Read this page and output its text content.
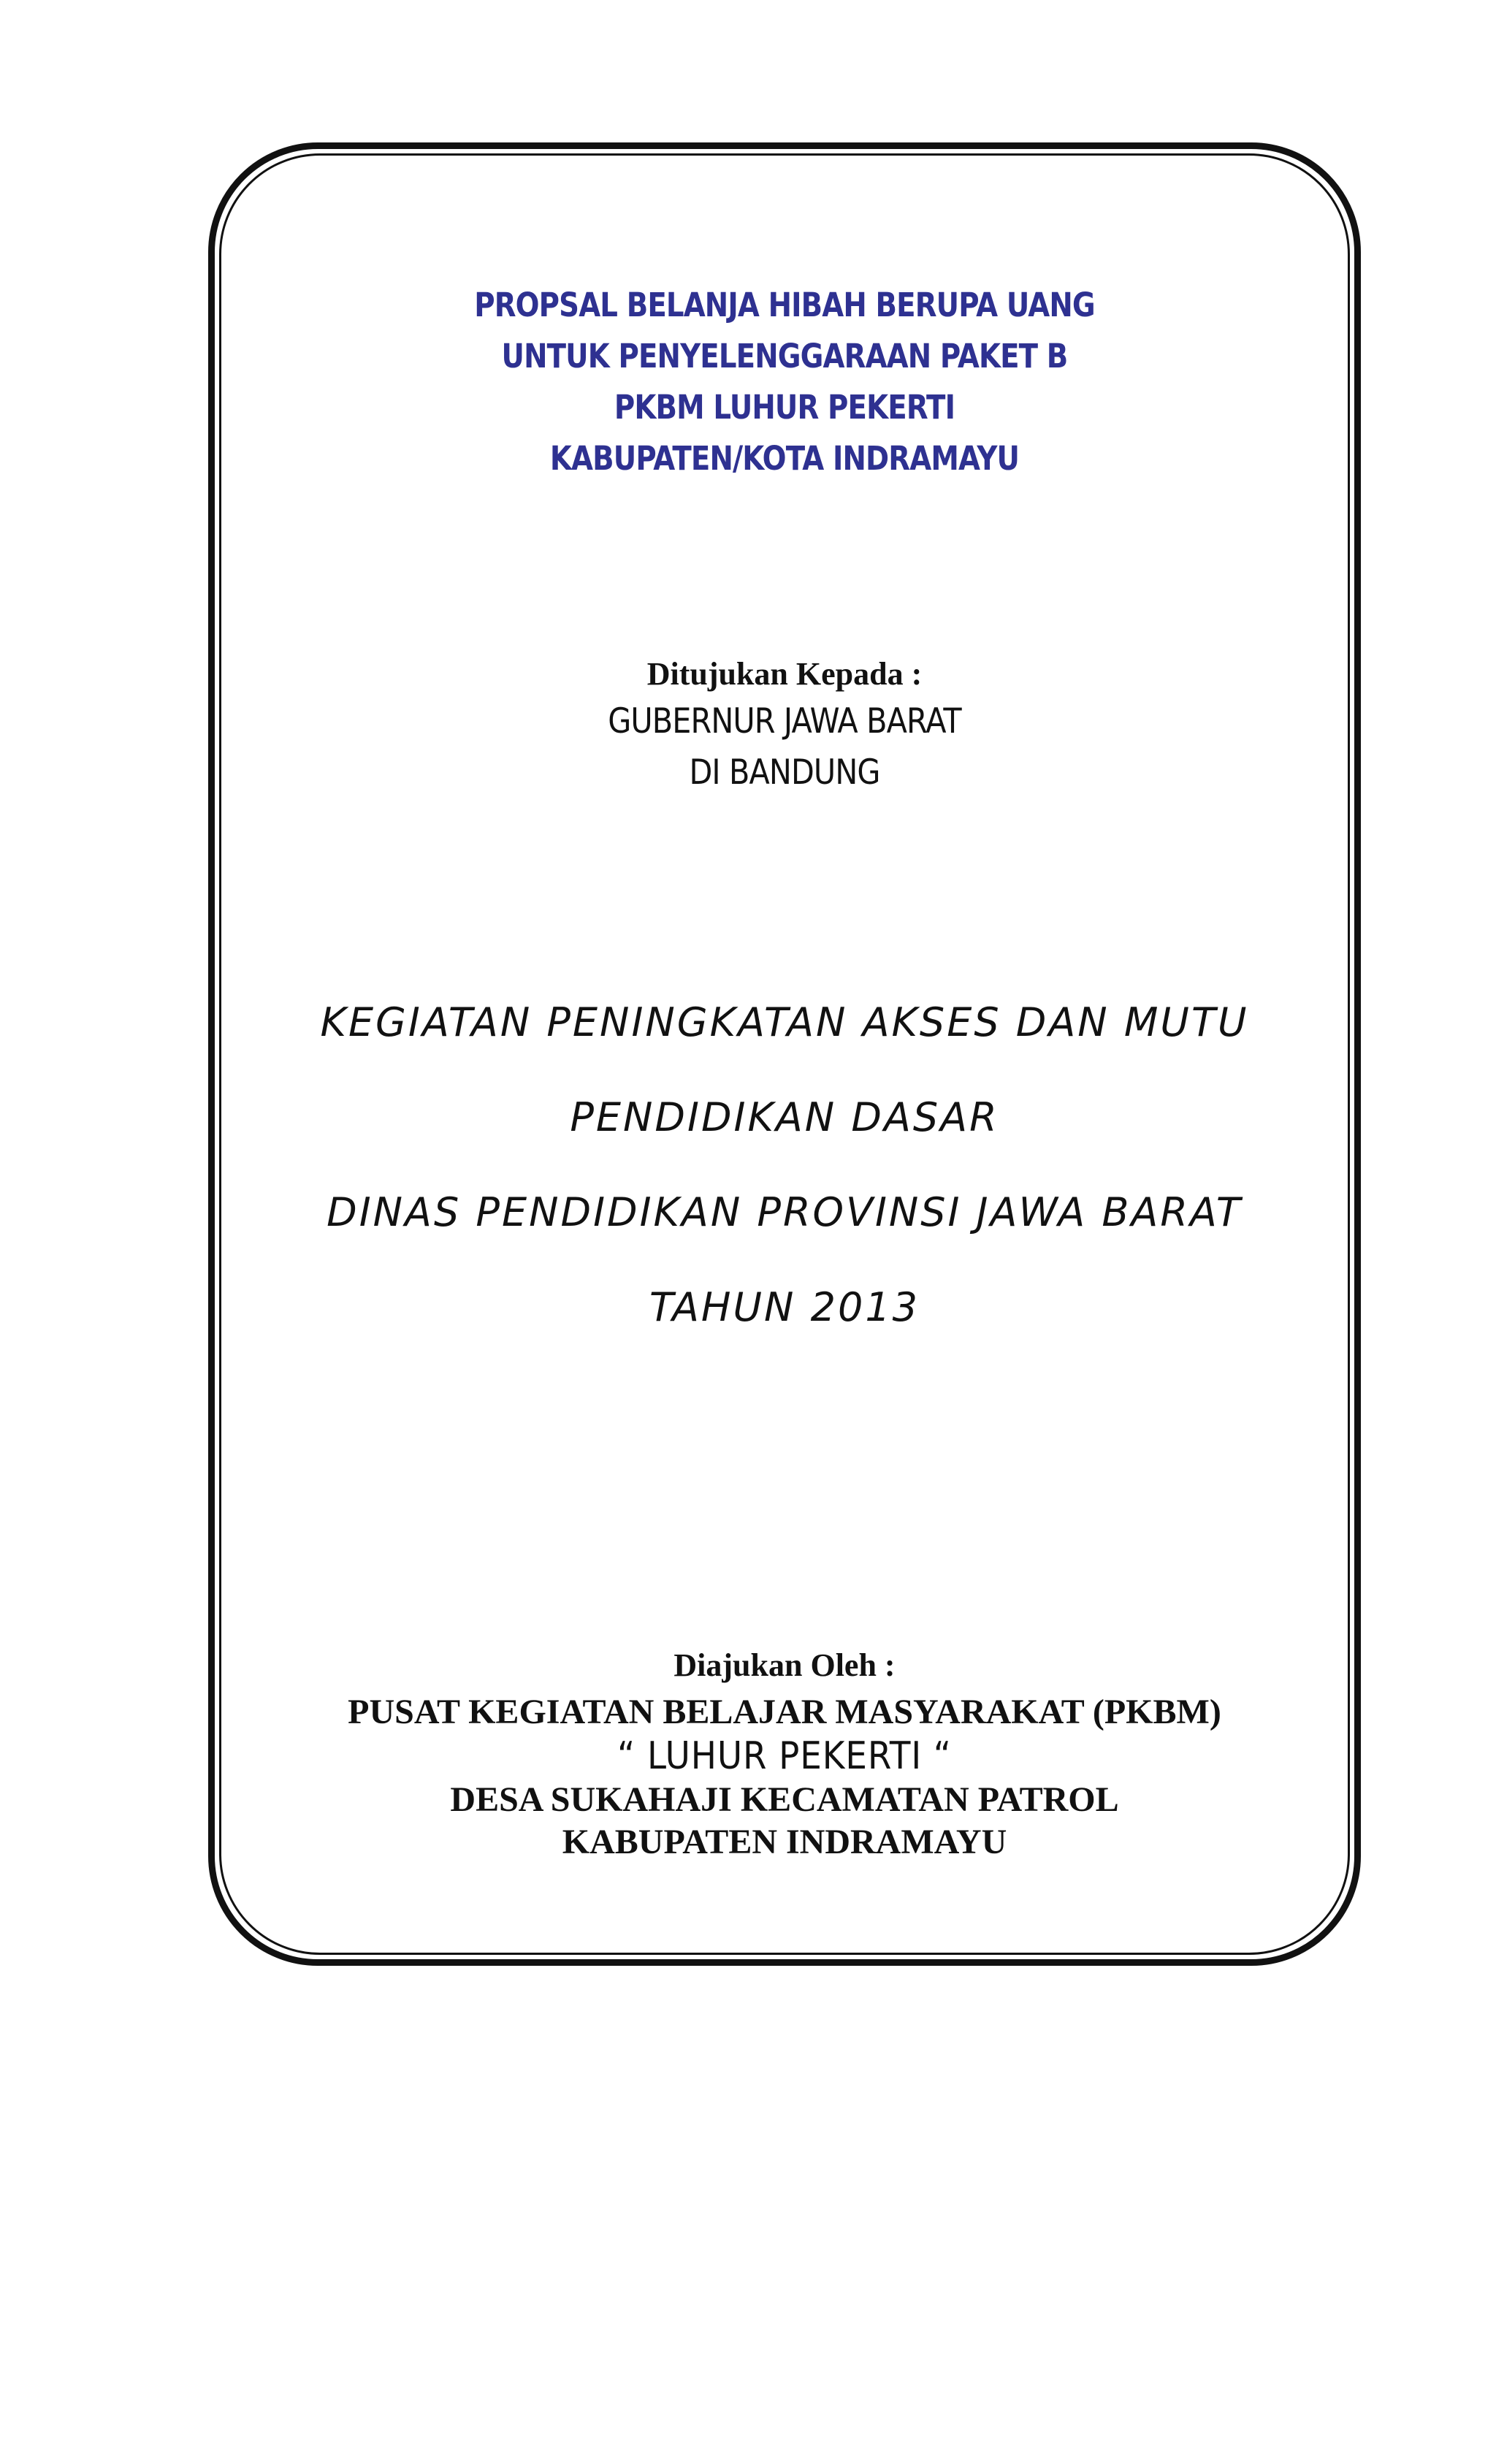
PROPSAL BELANJA HIBAH BERUPA UANG
UNTUK PENYELENGGARAAN PAKET B
PKBM LUHUR PEKERTI
KABUPATEN/KOTA INDRAMAYU
Ditujukan Kepada :
GUBERNUR JAWA BARAT
DI BANDUNG
KEGIATAN PENINGKATAN AKSES DAN MUTU
PENDIDIKAN DASAR
DINAS PENDIDIKAN PROVINSI JAWA BARAT
TAHUN 2013
Diajukan Oleh :
PUSAT KEGIATAN BELAJAR MASYARAKAT (PKBM)
“ LUHUR PEKERTI “
DESA SUKAHAJI KECAMATAN PATROL
KABUPATEN INDRAMAYU
